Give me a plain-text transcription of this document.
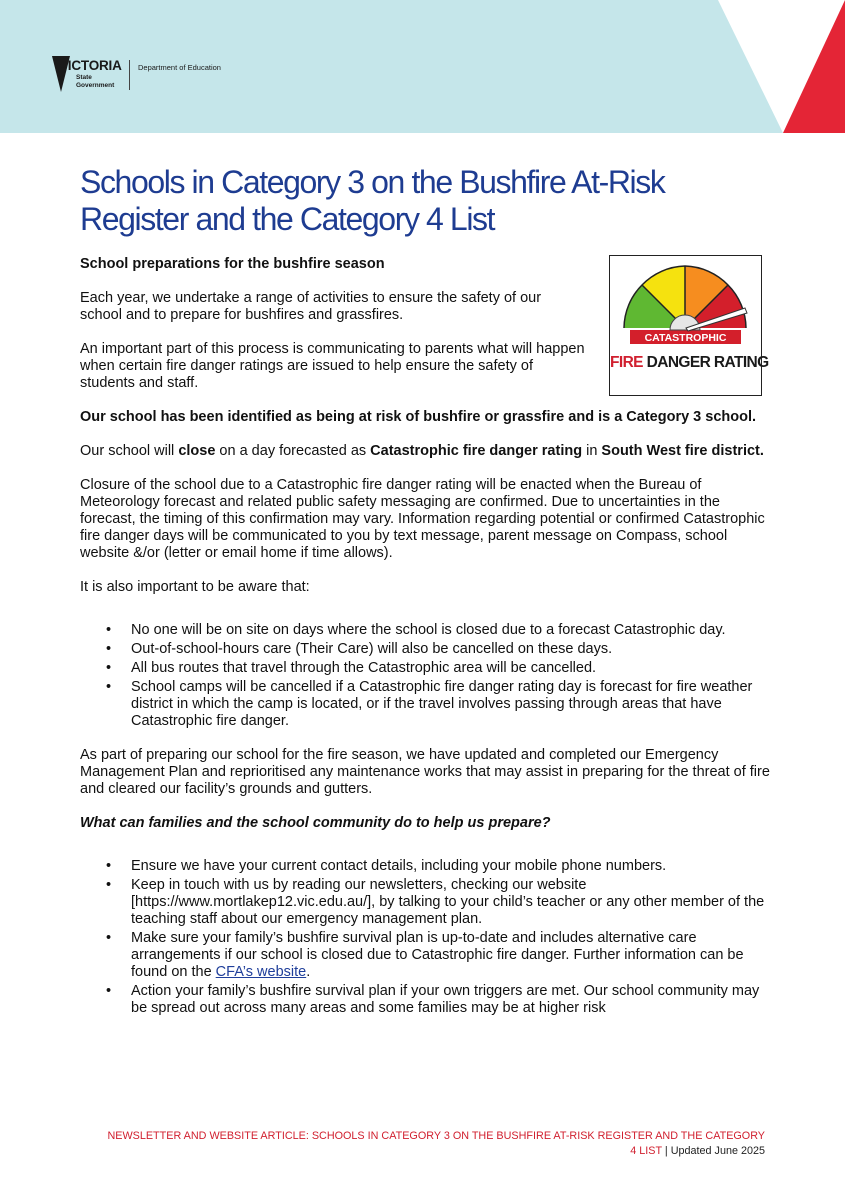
VICTORIA
State Government
Department of Education
Schools in Category 3 on the Bushfire At-Risk Register and the Category 4 List
CATASTROPHIC
FIRE DANGER RATING

School preparations for the bushfire season

Each year, we undertake a range of activities to ensure the safety of our school and to prepare for bushfires and grassfires.

An important part of this process is communicating to parents what will happen when certain fire danger ratings are issued to help ensure the safety of students and staff.

Our school has been identified as being at risk of bushfire or grassfire and is a Category 3 school.

Our school will close on a day forecasted as Catastrophic fire danger rating in South West fire district.

Closure of the school due to a Catastrophic fire danger rating will be enacted when the Bureau of Meteorology forecast and related public safety messaging are confirmed. Due to uncertainties in the forecast, the timing of this confirmation may vary. Information regarding potential or confirmed Catastrophic fire danger days will be communicated to you by text message, parent message on Compass, school website &/or (letter or email home if time allows).

It is also important to be aware that:

• No one will be on site on days where the school is closed due to a forecast Catastrophic day.
• Out-of-school-hours care (Their Care) will also be cancelled on these days.
• All bus routes that travel through the Catastrophic area will be cancelled.
• School camps will be cancelled if a Catastrophic fire danger rating day is forecast for fire weather district in which the camp is located, or if the travel involves passing through areas that have Catastrophic fire danger.

As part of preparing our school for the fire season, we have updated and completed our Emergency Management Plan and reprioritised any maintenance works that may assist in preparing for the threat of fire and cleared our facility’s grounds and gutters.

What can families and the school community do to help us prepare?

• Ensure we have your current contact details, including your mobile phone numbers.
• Keep in touch with us by reading our newsletters, checking our website [https://www.mortlakep12.vic.edu.au/], by talking to your child’s teacher or any other member of the teaching staff about our emergency management plan.
• Make sure your family’s bushfire survival plan is up-to-date and includes alternative care arrangements if our school is closed due to Catastrophic fire danger. Further information can be found on the CFA’s website.
• Action your family’s bushfire survival plan if your own triggers are met. Our school community may be spread out across many areas and some families may be at higher risk
NEWSLETTER AND WEBSITE ARTICLE: SCHOOLS IN CATEGORY 3 ON THE BUSHFIRE AT-RISK REGISTER AND THE CATEGORY 4 LIST | Updated June 2025
